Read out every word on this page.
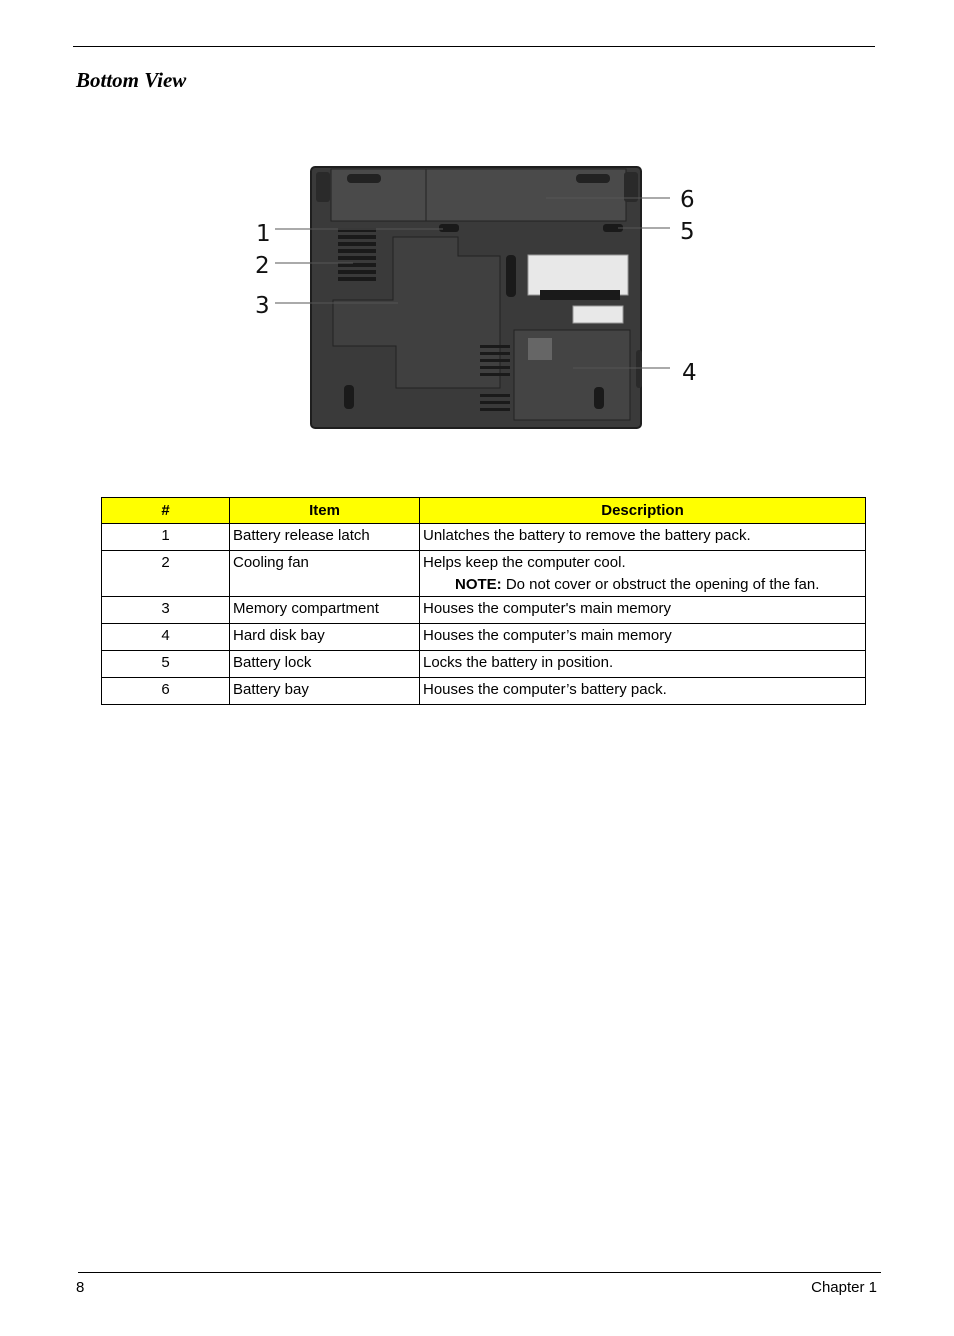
Bottom View
1
2
3
4
5
6
#	Item	Description
1	Battery release latch	Unlatches the battery to remove the battery pack.
2	Cooling fan	Helps keep the computer cool.
NOTE: Do not cover or obstruct the opening of the fan.

3	Memory compartment	Houses the computer's main memory
4	Hard disk bay	Houses the computer’s main memory
5	Battery lock	Locks the battery in position.
6	Battery bay	Houses the computer’s battery pack.
8	Chapter 1
